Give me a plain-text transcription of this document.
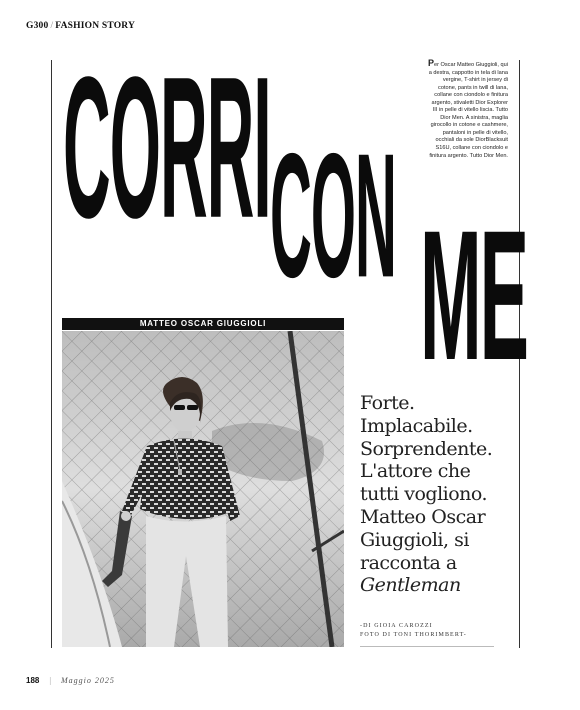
G300 / FASHION STORY
CORRI CON ME
Per Oscar Matteo Giuggioli, qui a destra, cappotto in tela di lana vergine, T-shirt in jersey di cotone, pants in twill di lana, collane con ciondolo e finitura argento, stivaletti Dior Explorer III in pelle di vitello liscia. Tutto Dior Men. A sinistra, maglia girocollo in cotone e cashmere, pantaloni in pelle di vitello, occhiali da sole DiorBlacksuit S16U, collane con ciondolo e finitura argento. Tutto Dior Men.
MATTEO OSCAR GIUGGIOLI
Forte.
Implacabile.
Sorprendente.
L'attore che
tutti vogliono.
Matteo Oscar
Giuggioli, si
racconta a
Gentleman
-DI GIOIA CAROZZI
FOTO DI TONI THORIMBERT-
188 | Maggio 2025
